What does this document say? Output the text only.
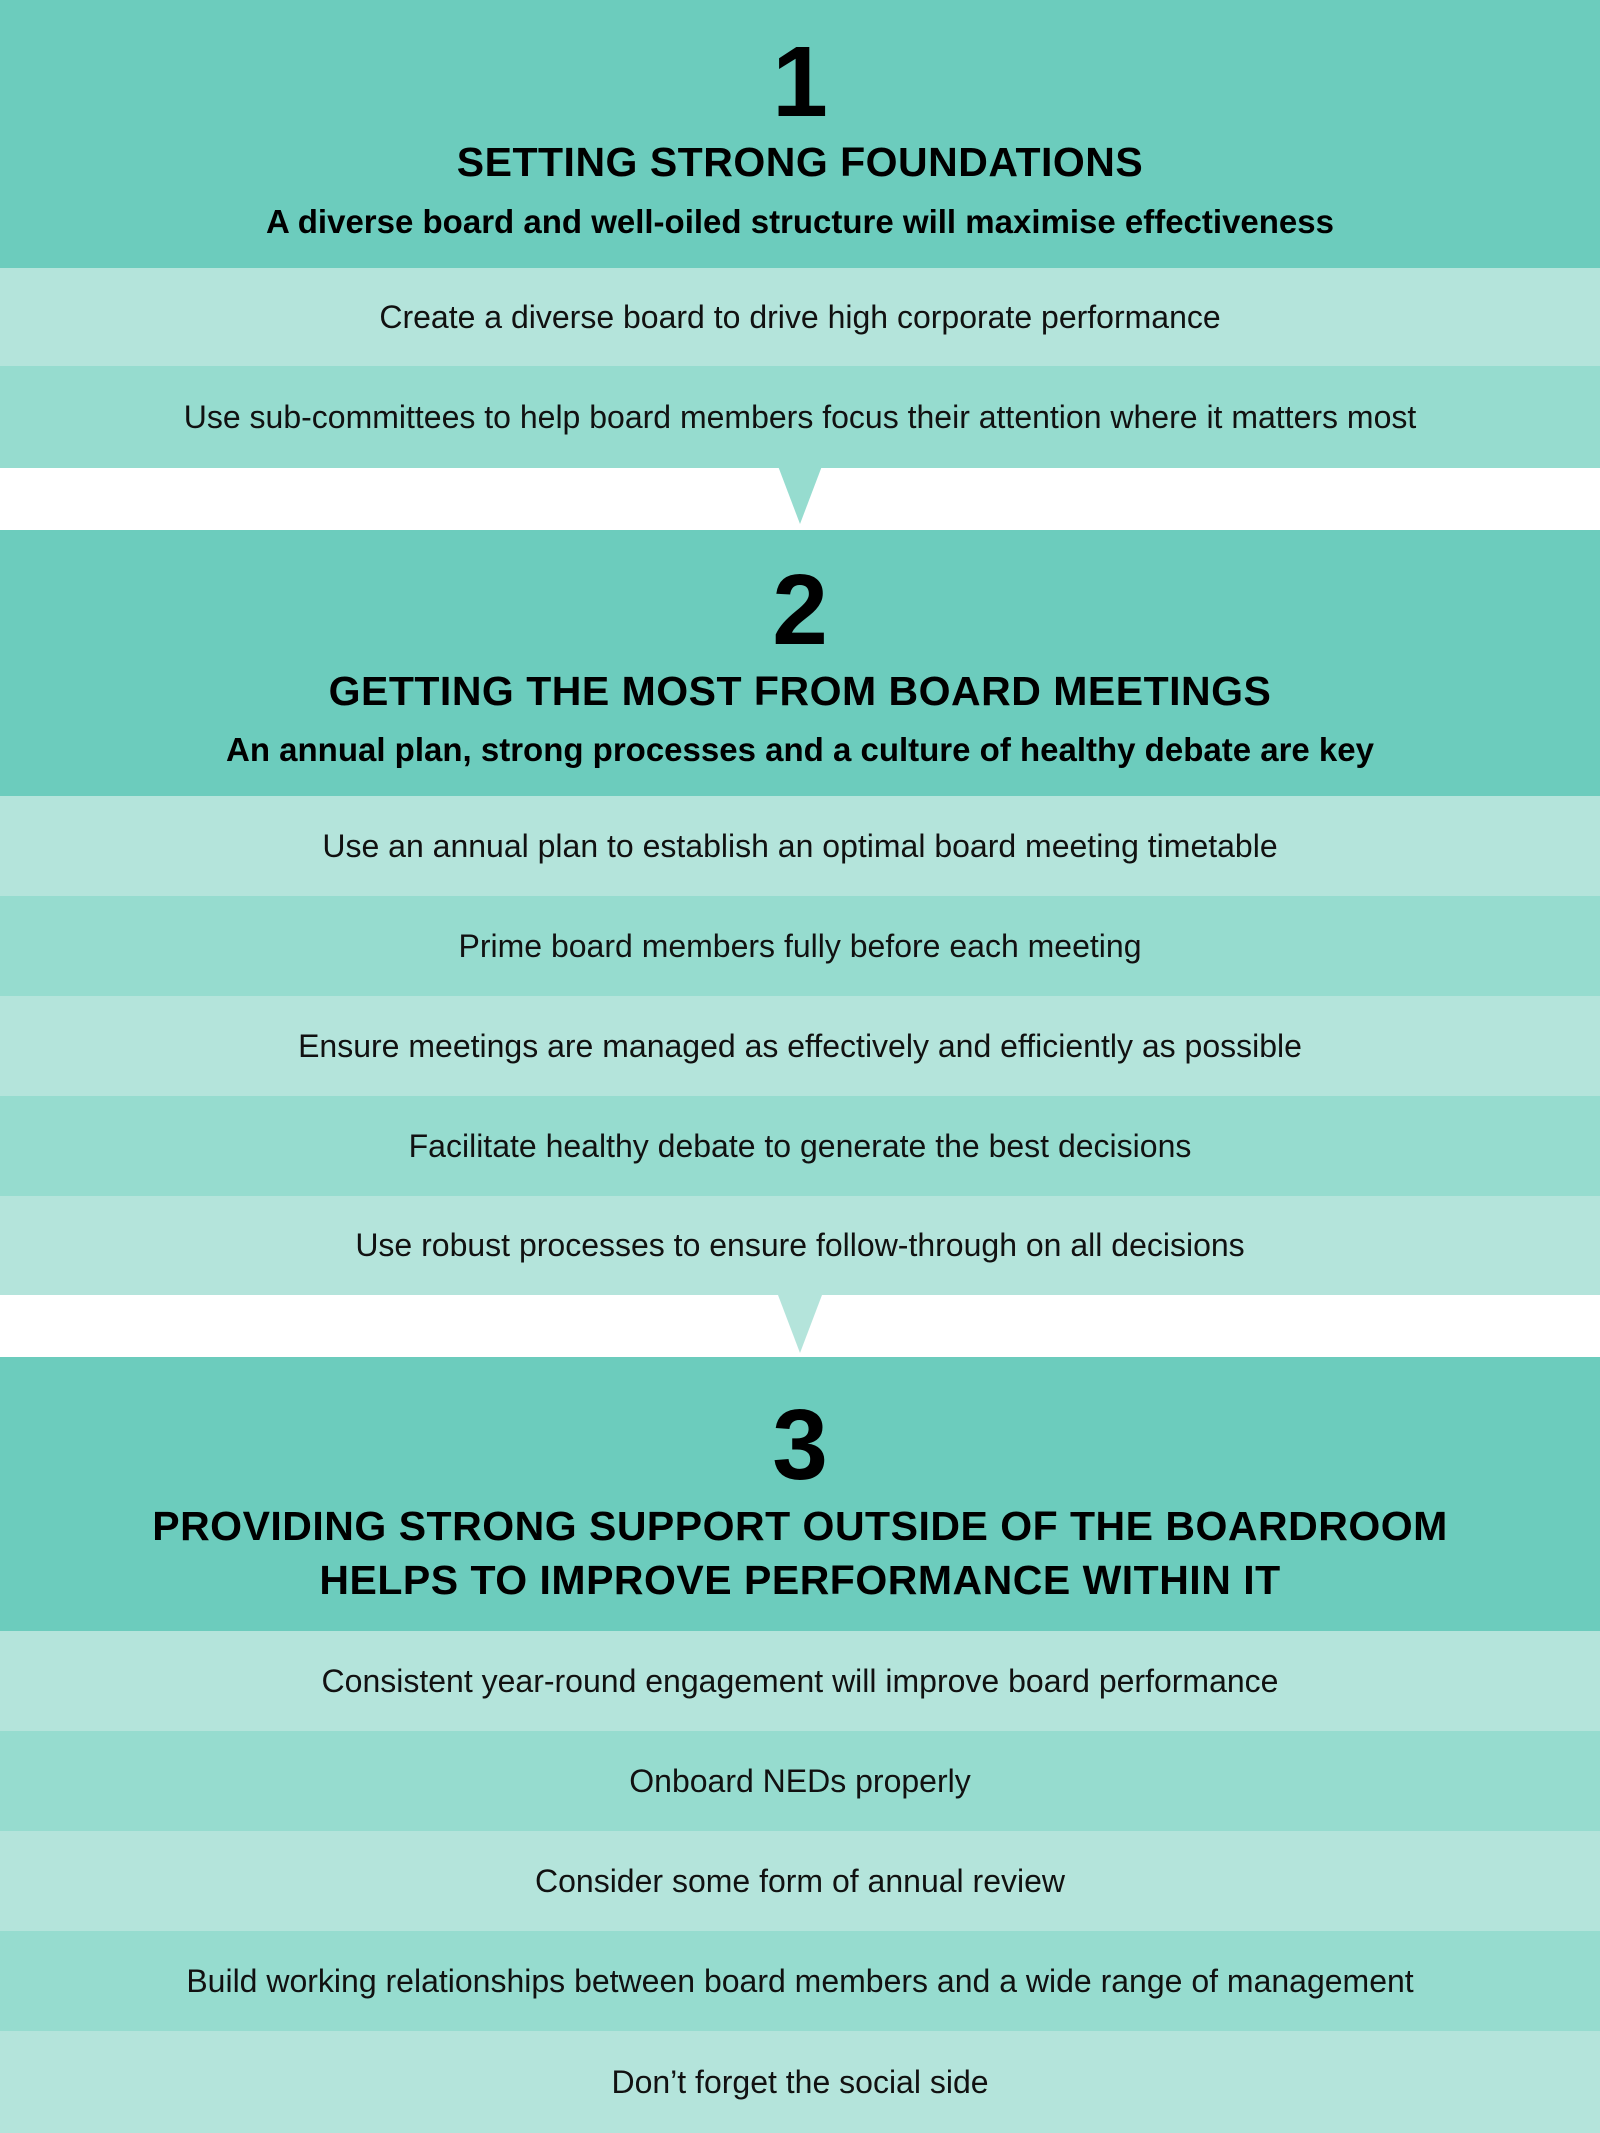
1
SETTING STRONG FOUNDATIONS
A diverse board and well-oiled structure will maximise effectiveness
Create a diverse board to drive high corporate performance
Use sub-committees to help board members focus their attention where it matters most
2
GETTING THE MOST FROM BOARD MEETINGS
An annual plan, strong processes and a culture of healthy debate are key
Use an annual plan to establish an optimal board meeting timetable
Prime board members fully before each meeting
Ensure meetings are managed as effectively and efficiently as possible
Facilitate healthy debate to generate the best decisions
Use robust processes to ensure follow-through on all decisions
3
PROVIDING STRONG SUPPORT OUTSIDE OF THE BOARDROOM
HELPS TO IMPROVE PERFORMANCE WITHIN IT
Consistent year-round engagement will improve board performance
Onboard NEDs properly
Consider some form of annual review
Build working relationships between board members and a wide range of management
Don’t forget the social side
